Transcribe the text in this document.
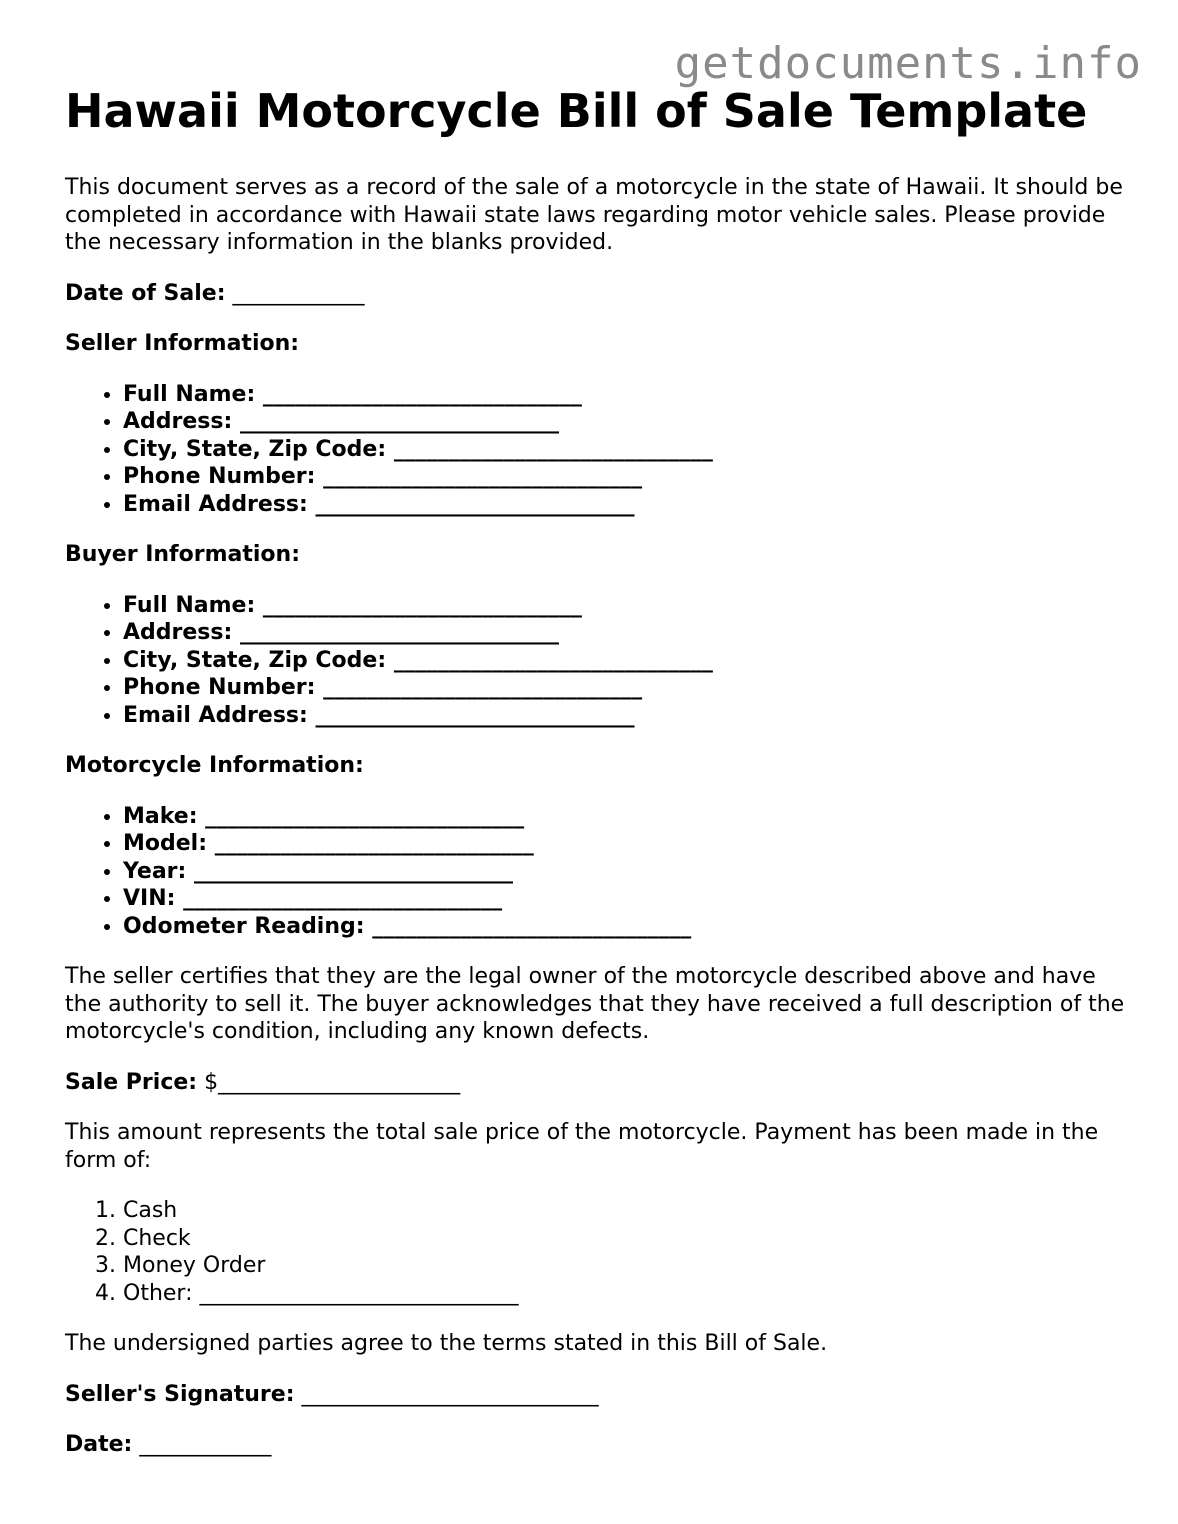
getdocuments.info
Hawaii Motorcycle Bill of Sale Template

This document serves as a record of the sale of a motorcycle in the state of Hawaii. It should be completed in accordance with Hawaii state laws regarding motor vehicle sales. Please provide the necessary information in the blanks provided.

Date of Sale: ____________
Seller Information:
• Full Name: _____________________________
• Address: _____________________________
• City, State, Zip Code: _____________________________
• Phone Number: _____________________________
• Email Address: _____________________________
Buyer Information:
• Full Name: _____________________________
• Address: _____________________________
• City, State, Zip Code: _____________________________
• Phone Number: _____________________________
• Email Address: _____________________________
Motorcycle Information:
• Make: _____________________________
• Model: _____________________________
• Year: _____________________________
• VIN: _____________________________
• Odometer Reading: _____________________________

The seller certifies that they are the legal owner of the motorcycle described above and have the authority to sell it. The buyer acknowledges that they have received a full description of the motorcycle's condition, including any known defects.

Sale Price: $______________________

This amount represents the total sale price of the motorcycle. Payment has been made in the form of:

1. Cash
2. Check
3. Money Order
4. Other: _____________________________

The undersigned parties agree to the terms stated in this Bill of Sale.

Seller's Signature: ___________________________
Date: ____________
